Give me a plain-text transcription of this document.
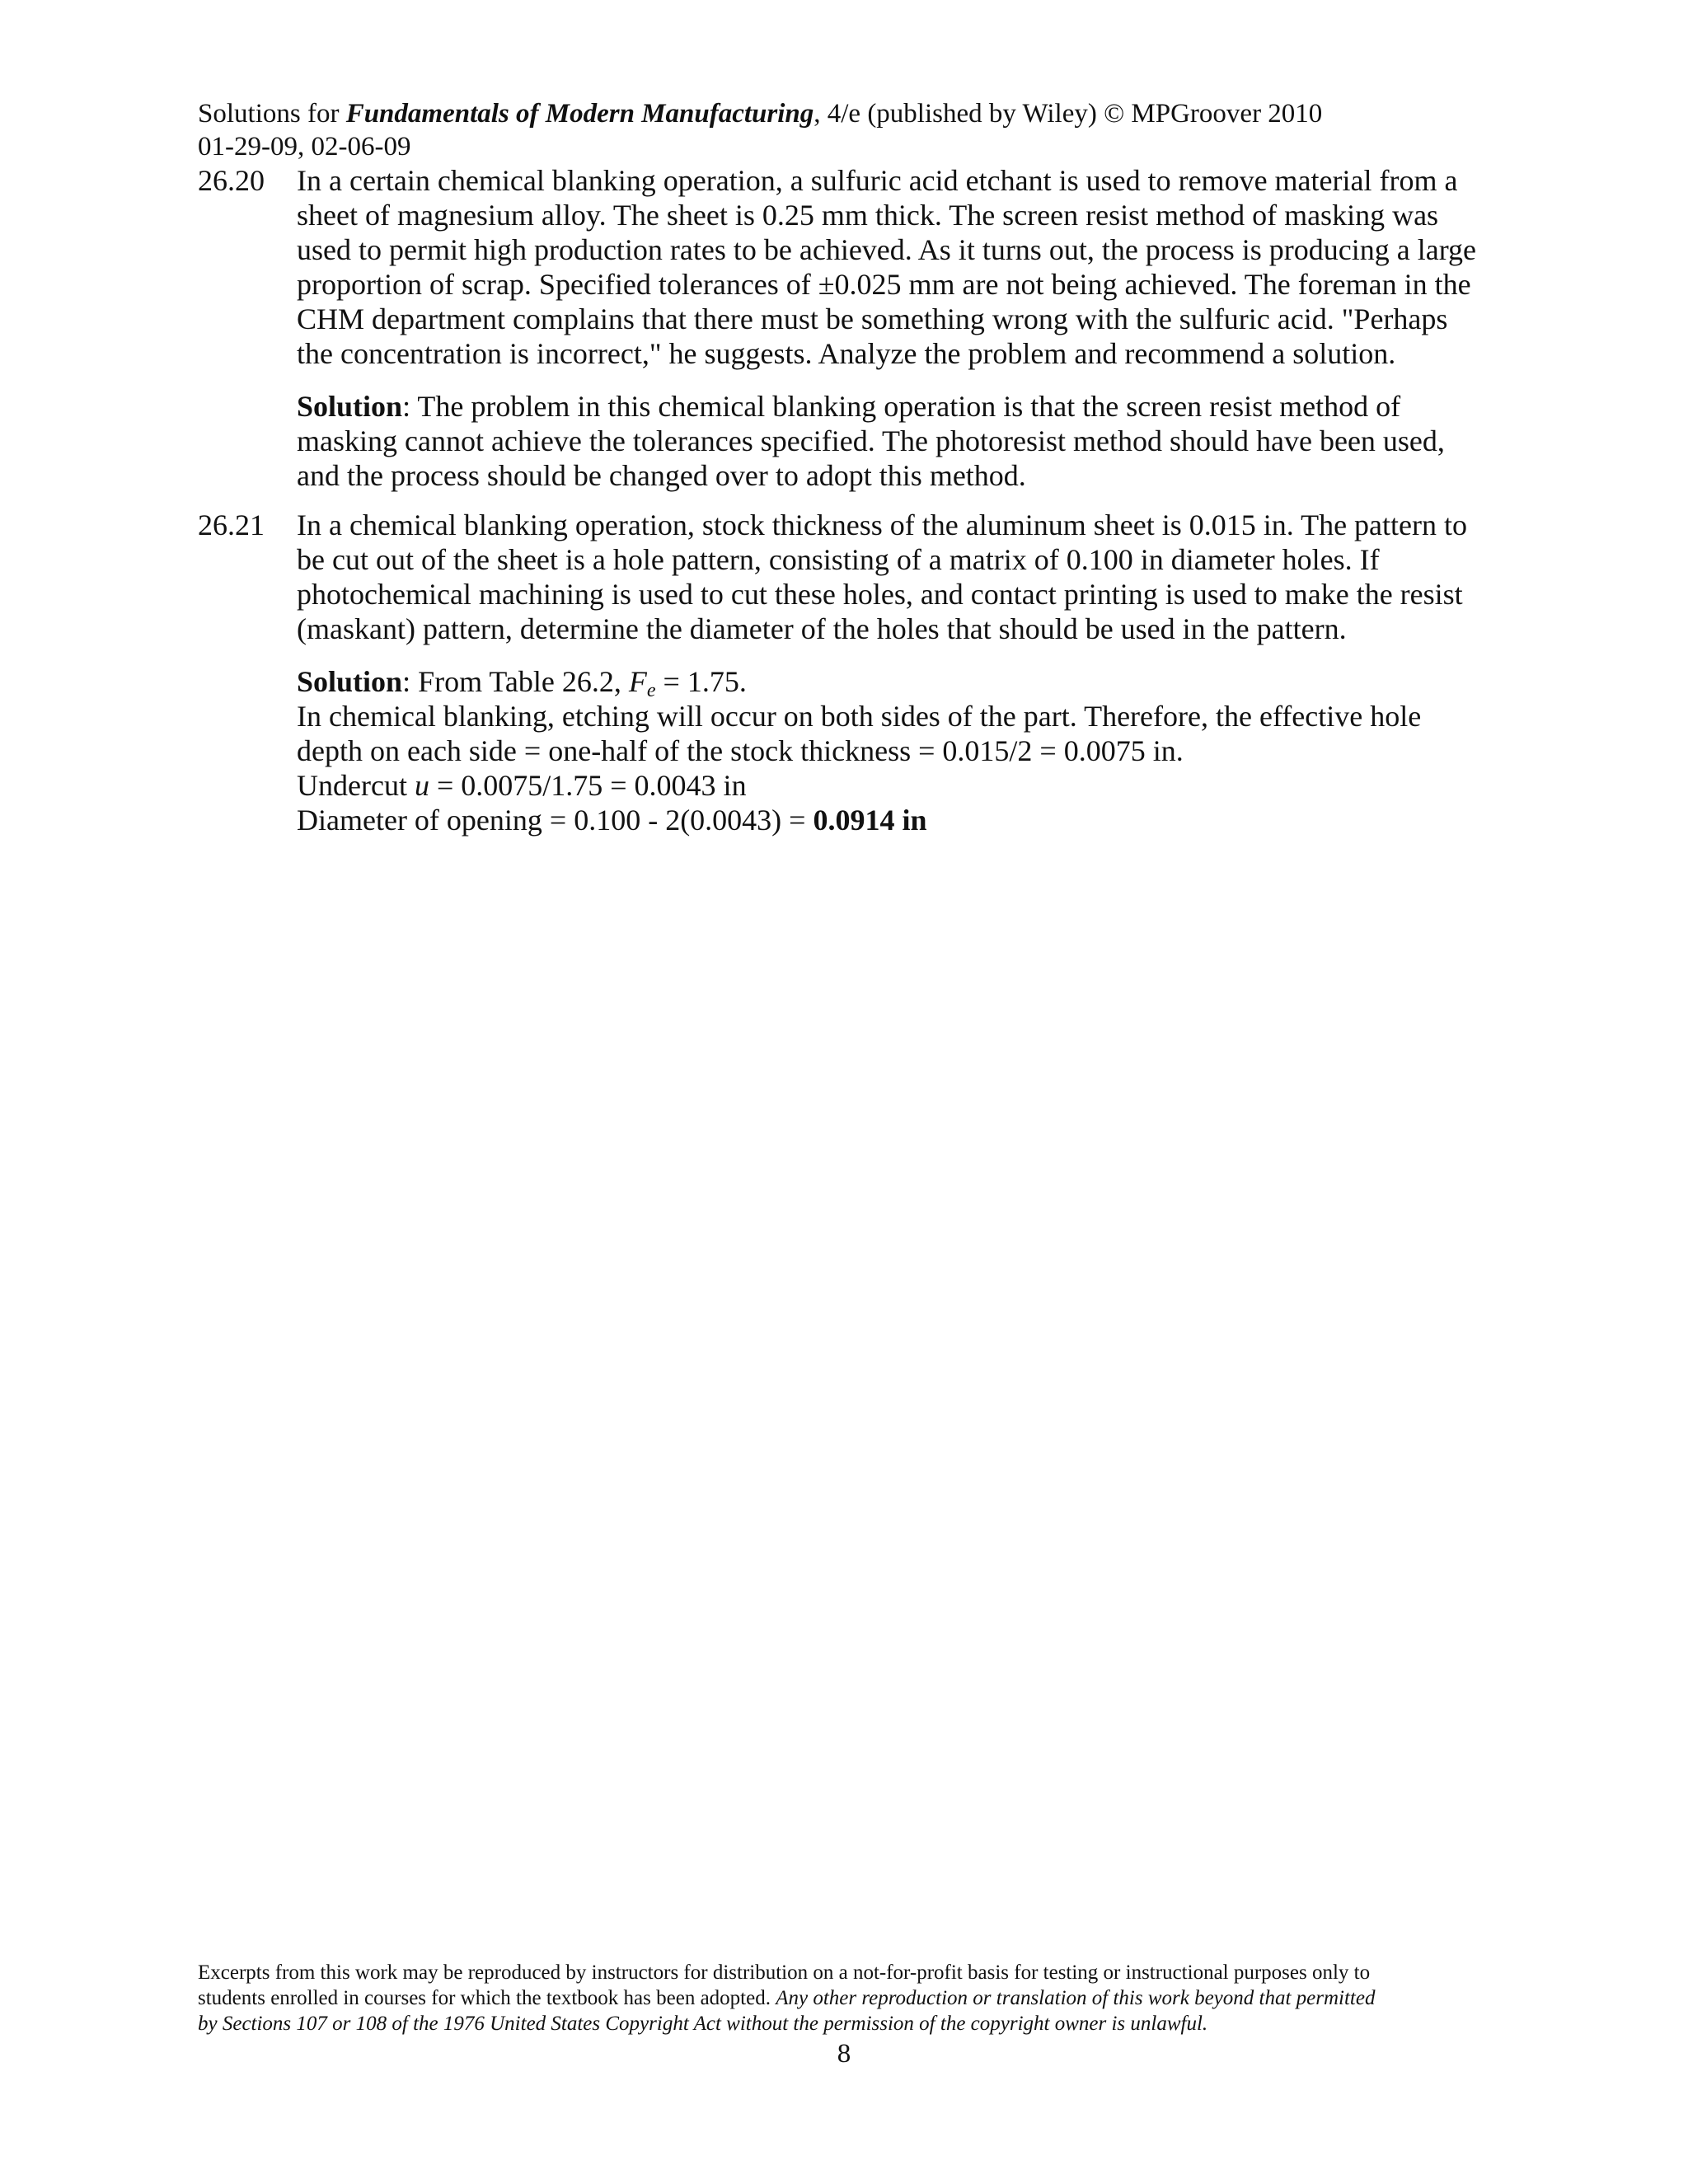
Solutions for Fundamentals of Modern Manufacturing, 4/e (published by Wiley) © MPGroover 2010
01-29-09, 02-06-09
26.20 In a certain chemical blanking operation, a sulfuric acid etchant is used to remove material from a
sheet of magnesium alloy. The sheet is 0.25 mm thick. The screen resist method of masking was
used to permit high production rates to be achieved. As it turns out, the process is producing a large
proportion of scrap. Specified tolerances of ±0.025 mm are not being achieved. The foreman in the
CHM department complains that there must be something wrong with the sulfuric acid. "Perhaps
the concentration is incorrect," he suggests. Analyze the problem and recommend a solution.
Solution: The problem in this chemical blanking operation is that the screen resist method of
masking cannot achieve the tolerances specified. The photoresist method should have been used,
and the process should be changed over to adopt this method.
26.21 In a chemical blanking operation, stock thickness of the aluminum sheet is 0.015 in. The pattern to
be cut out of the sheet is a hole pattern, consisting of a matrix of 0.100 in diameter holes. If
photochemical machining is used to cut these holes, and contact printing is used to make the resist
(maskant) pattern, determine the diameter of the holes that should be used in the pattern.
Solution: From Table 26.2, $F_e = 1.75$.
In chemical blanking, etching will occur on both sides of the part. Therefore, the effective hole
depth on each side = one-half of the stock thickness = 0.015/2 = 0.0075 in.
Undercut u = 0.0075/1.75 = 0.0043 in
Diameter of opening = 0.100 - 2(0.0043) = 0.0914 in
Excerpts from this work may be reproduced by instructors for distribution on a not-for-profit basis for testing or instructional purposes only to
students enrolled in courses for which the textbook has been adopted. Any other reproduction or translation of this work beyond that permitted
by Sections 107 or 108 of the 1976 United States Copyright Act without the permission of the copyright owner is unlawful.
8
